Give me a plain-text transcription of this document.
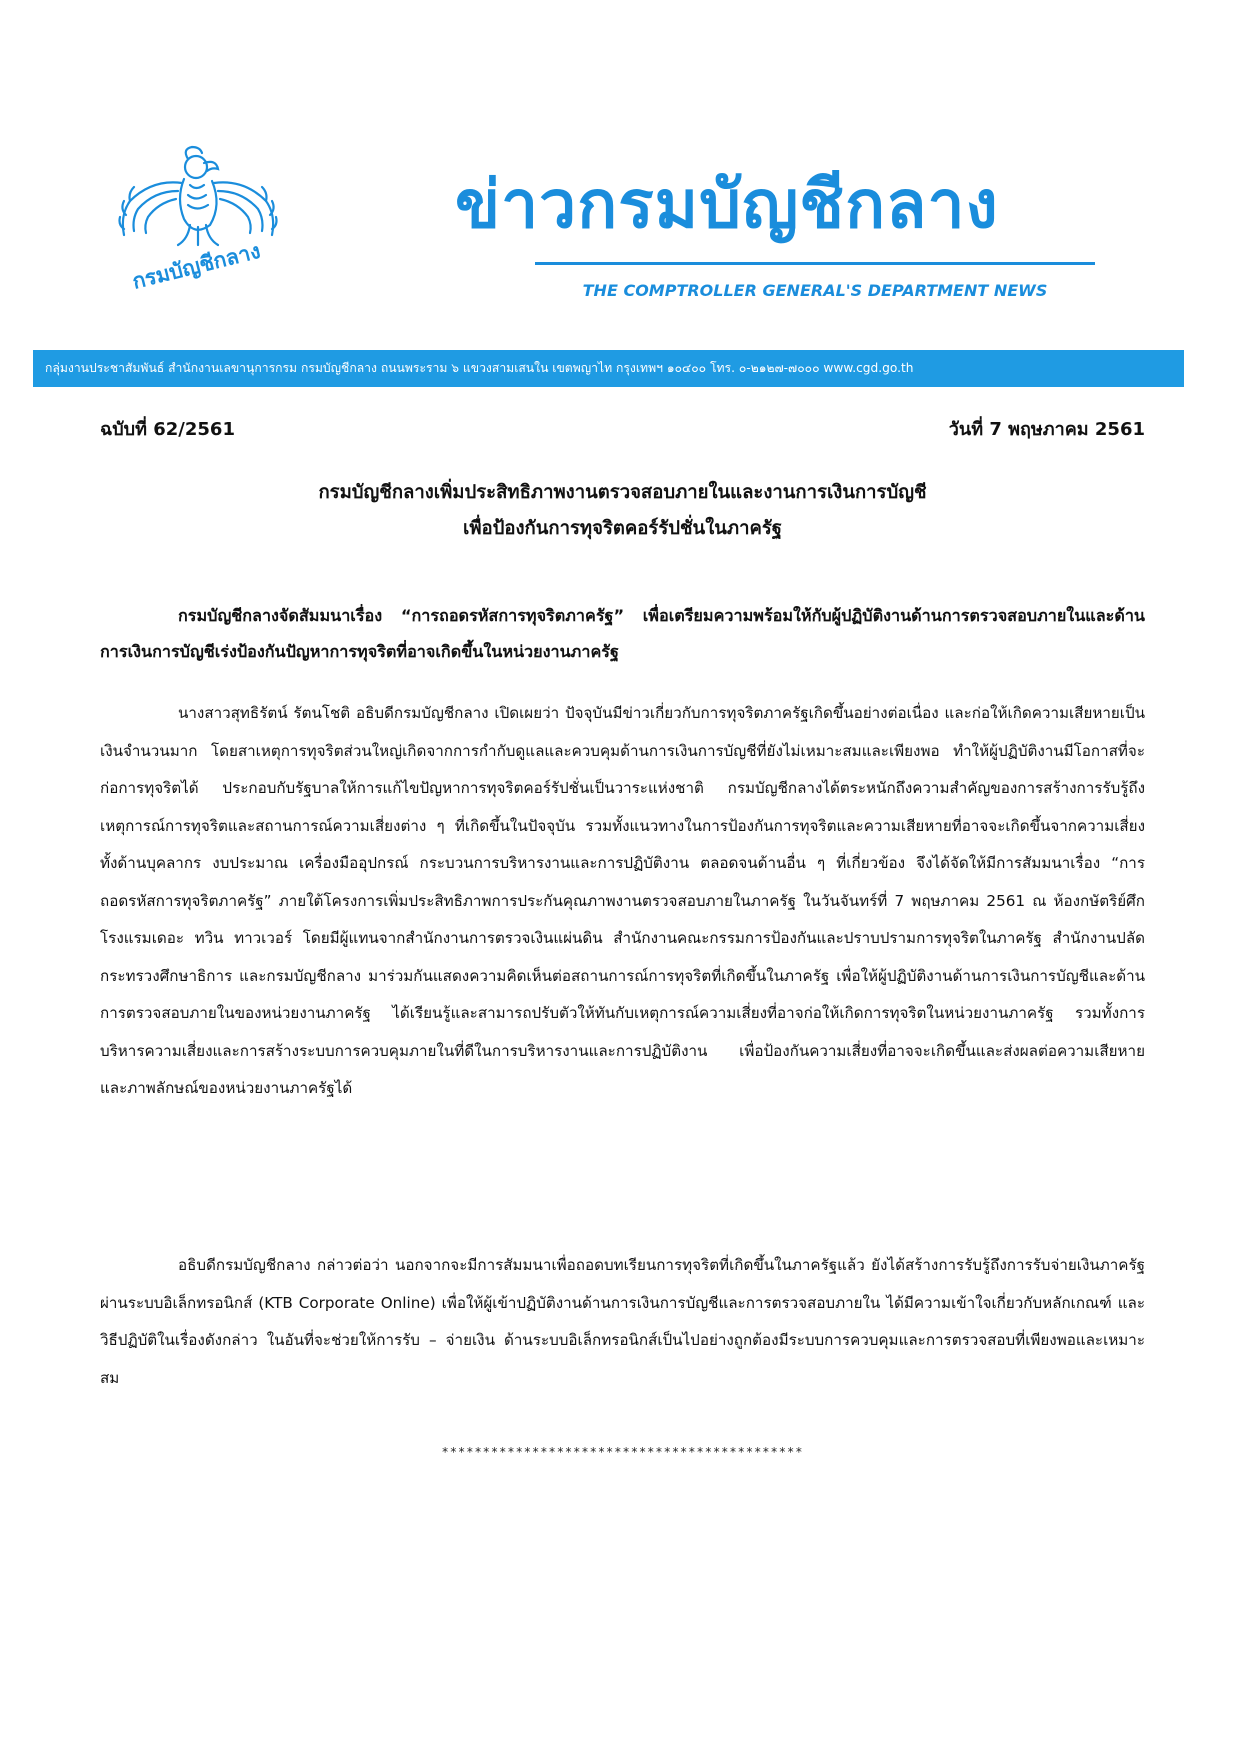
กรมบัญชีกลาง
ข่าวกรมบัญชีกลาง
THE COMPTROLLER GENERAL'S DEPARTMENT NEWS
กลุ่มงานประชาสัมพันธ์ สำนักงานเลขานุการกรม กรมบัญชีกลาง ถนนพระราม ๖ แขวงสามเสนใน เขตพญาไท กรุงเทพฯ ๑๐๔๐๐ โทร. ๐-๒๑๒๗-๗๐๐๐ www.cgd.go.th
ฉบับที่ 62/2561	วันที่ 7 พฤษภาคม 2561
กรมบัญชีกลางเพิ่มประสิทธิภาพงานตรวจสอบภายในและงานการเงินการบัญชี
เพื่อป้องกันการทุจริตคอร์รัปชั่นในภาครัฐ

กรมบัญชีกลางจัดสัมมนาเรื่อง “การถอดรหัสการทุจริตภาครัฐ” เพื่อเตรียมความพร้อมให้กับผู้ปฏิบัติงานด้านการตรวจสอบภายในและด้านการเงินการบัญชีเร่งป้องกันปัญหาการทุจริตที่อาจเกิดขึ้นในหน่วยงานภาครัฐ

นางสาวสุทธิรัตน์ รัตนโชติ อธิบดีกรมบัญชีกลาง เปิดเผยว่า ปัจจุบันมีข่าวเกี่ยวกับการทุจริตภาครัฐเกิดขึ้นอย่างต่อเนื่อง และก่อให้เกิดความเสียหายเป็นเงินจำนวนมาก โดยสาเหตุการทุจริตส่วนใหญ่เกิดจากการกำกับดูแลและควบคุมด้านการเงินการบัญชีที่ยังไม่เหมาะสมและเพียงพอ ทำให้ผู้ปฏิบัติงานมีโอกาสที่จะก่อการทุจริตได้ ประกอบกับรัฐบาลให้การแก้ไขปัญหาการทุจริตคอร์รัปชั่นเป็นวาระแห่งชาติ กรมบัญชีกลางได้ตระหนักถึงความสำคัญของการสร้างการรับรู้ถึงเหตุการณ์การทุจริตและสถานการณ์ความเสี่ยงต่าง ๆ ที่เกิดขึ้นในปัจจุบัน รวมทั้งแนวทางในการป้องกันการทุจริตและความเสียหายที่อาจจะเกิดขึ้นจากความเสี่ยง ทั้งด้านบุคลากร งบประมาณ เครื่องมืออุปกรณ์ กระบวนการบริหารงานและการปฏิบัติงาน ตลอดจนด้านอื่น ๆ ที่เกี่ยวข้อง จึงได้จัดให้มีการสัมมนาเรื่อง “การถอดรหัสการทุจริตภาครัฐ” ภายใต้โครงการเพิ่มประสิทธิภาพการประกันคุณภาพงานตรวจสอบภายในภาครัฐ ในวันจันทร์ที่ 7 พฤษภาคม 2561 ณ ห้องกษัตริย์ศึก โรงแรมเดอะ ทวิน ทาวเวอร์ โดยมีผู้แทนจากสำนักงานการตรวจเงินแผ่นดิน สำนักงานคณะกรรมการป้องกันและปราบปรามการทุจริตในภาครัฐ สำนักงานปลัดกระทรวงศึกษาธิการ และกรมบัญชีกลาง มาร่วมกันแสดงความคิดเห็นต่อสถานการณ์การทุจริตที่เกิดขึ้นในภาครัฐ เพื่อให้ผู้ปฏิบัติงานด้านการเงินการบัญชีและด้านการตรวจสอบภายในของหน่วยงานภาครัฐ ได้เรียนรู้และสามารถปรับตัวให้ทันกับเหตุการณ์ความเสี่ยงที่อาจก่อให้เกิดการทุจริตในหน่วยงานภาครัฐ รวมทั้งการบริหารความเสี่ยงและการสร้างระบบการควบคุมภายในที่ดีในการบริหารงานและการปฏิบัติงาน เพื่อป้องกันความเสี่ยงที่อาจจะเกิดขึ้นและส่งผลต่อความเสียหายและภาพลักษณ์ของหน่วยงานภาครัฐได้

อธิบดีกรมบัญชีกลาง กล่าวต่อว่า นอกจากจะมีการสัมมนาเพื่อถอดบทเรียนการทุจริตที่เกิดขึ้นในภาครัฐแล้ว ยังได้สร้างการรับรู้ถึงการรับจ่ายเงินภาครัฐผ่านระบบอิเล็กทรอนิกส์ (KTB Corporate Online) เพื่อให้ผู้เข้าปฏิบัติงานด้านการเงินการบัญชีและการตรวจสอบภายใน ได้มีความเข้าใจเกี่ยวกับหลักเกณฑ์ และวิธีปฏิบัติในเรื่องดังกล่าว ในอันที่จะช่วยให้การรับ – จ่ายเงิน ด้านระบบอิเล็กทรอนิกส์เป็นไปอย่างถูกต้องมีระบบการควบคุมและการตรวจสอบที่เพียงพอและเหมาะสม

********************************************
